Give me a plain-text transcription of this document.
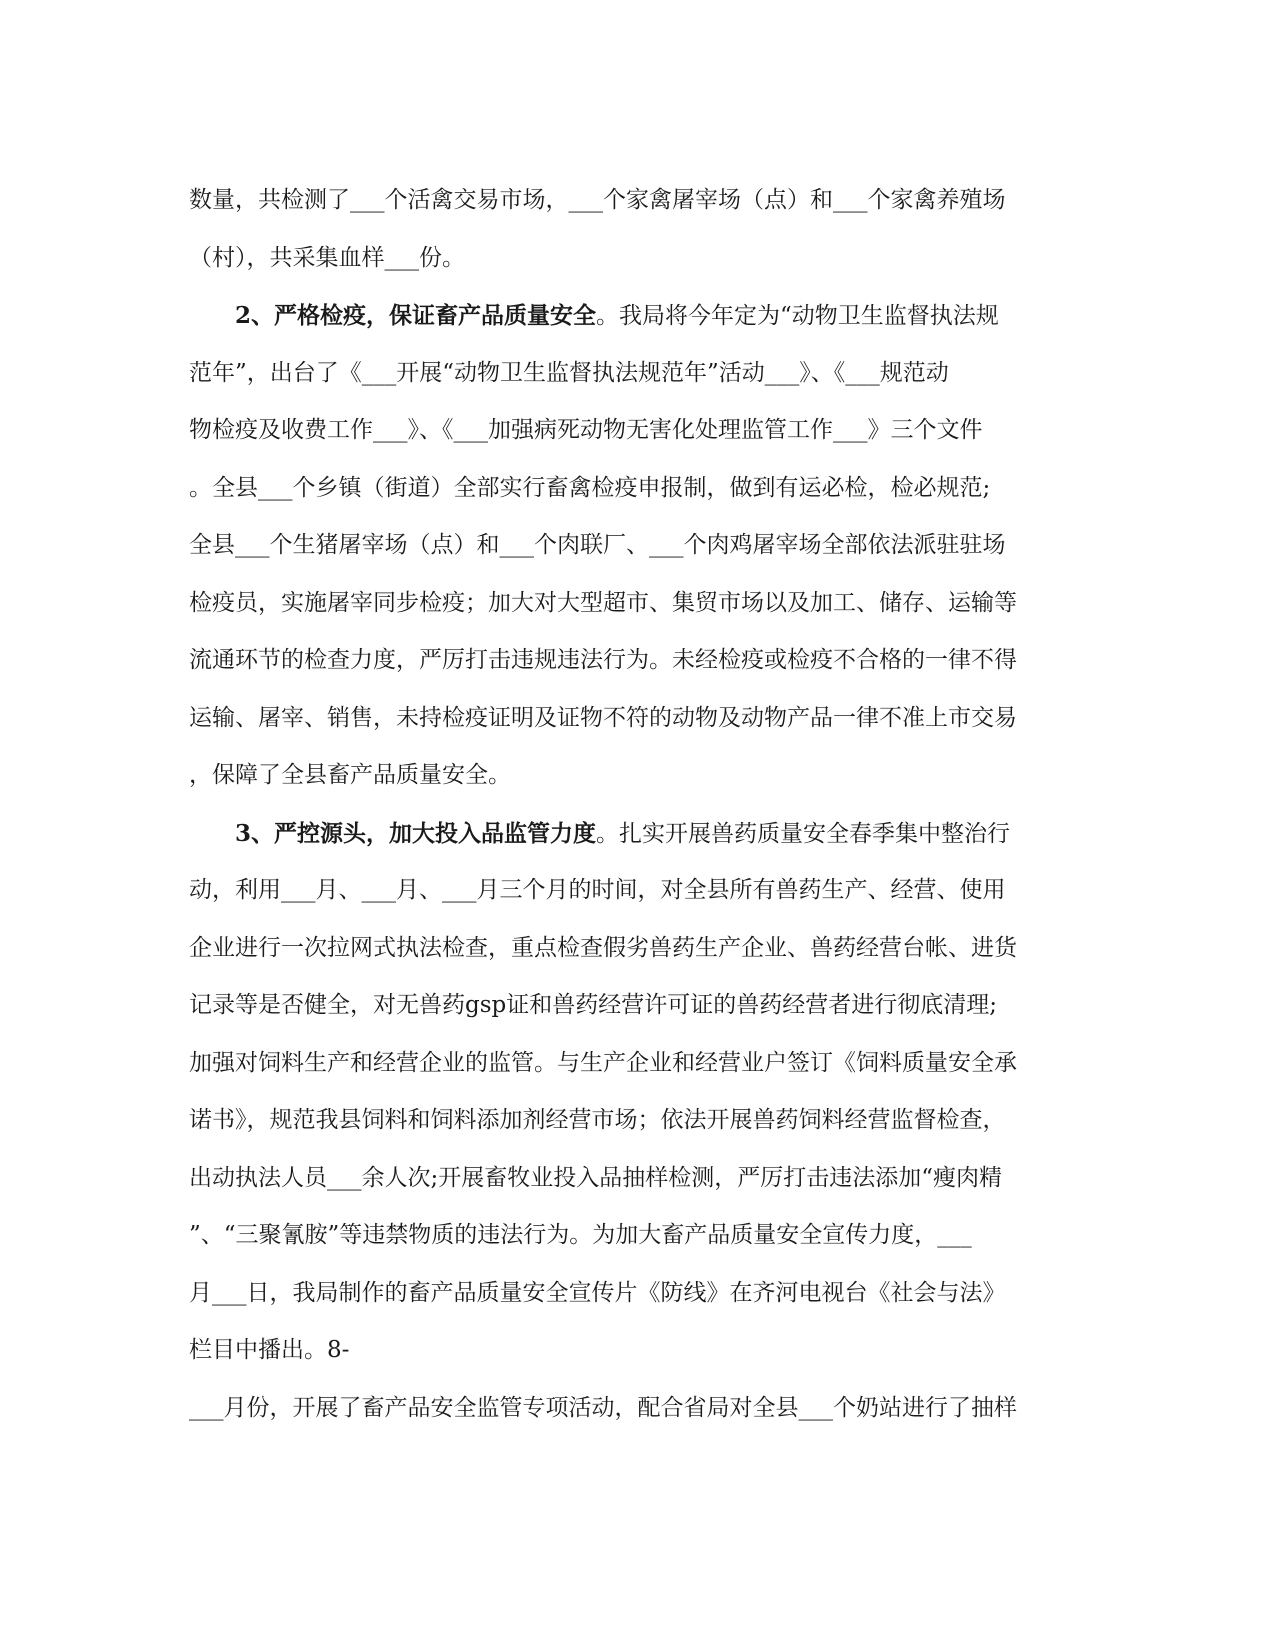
数量，共检测了___个活禽交易市场，___个家禽屠宰场（点）和___个家禽养殖场
（村），共采集血样___份。
2、严格检疫，保证畜产品质量安全。我局将今年定为“动物卫生监督执法规
范年”，出台了《___开展“动物卫生监督执法规范年”活动___》、《___规范动
物检疫及收费工作___》、《___加强病死动物无害化处理监管工作___》三个文件
。全县___个乡镇（街道）全部实行畜禽检疫申报制，做到有运必检，检必规范;
全县___个生猪屠宰场（点）和___个肉联厂、___个肉鸡屠宰场全部依法派驻驻场
检疫员，实施屠宰同步检疫；加大对大型超市、集贸市场以及加工、储存、运输等
流通环节的检查力度，严厉打击违规违法行为。未经检疫或检疫不合格的一律不得
运输、屠宰、销售，未持检疫证明及证物不符的动物及动物产品一律不准上市交易
，保障了全县畜产品质量安全。
3、严控源头，加大投入品监管力度。扎实开展兽药质量安全春季集中整治行
动，利用___月、___月、___月三个月的时间，对全县所有兽药生产、经营、使用
企业进行一次拉网式执法检查，重点检查假劣兽药生产企业、兽药经营台帐、进货
记录等是否健全，对无兽药gsp证和兽药经营许可证的兽药经营者进行彻底清理;
加强对饲料生产和经营企业的监管。与生产企业和经营业户签订《饲料质量安全承
诺书》，规范我县饲料和饲料添加剂经营市场；依法开展兽药饲料经营监督检查，
出动执法人员___余人次;开展畜牧业投入品抽样检测，严厉打击违法添加“瘦肉精
”、“三聚氰胺”等违禁物质的违法行为。为加大畜产品质量安全宣传力度，___
月___日，我局制作的畜产品质量安全宣传片《防线》在齐河电视台《社会与法》
栏目中播出。8-
___月份，开展了畜产品安全监管专项活动，配合省局对全县___个奶站进行了抽样
